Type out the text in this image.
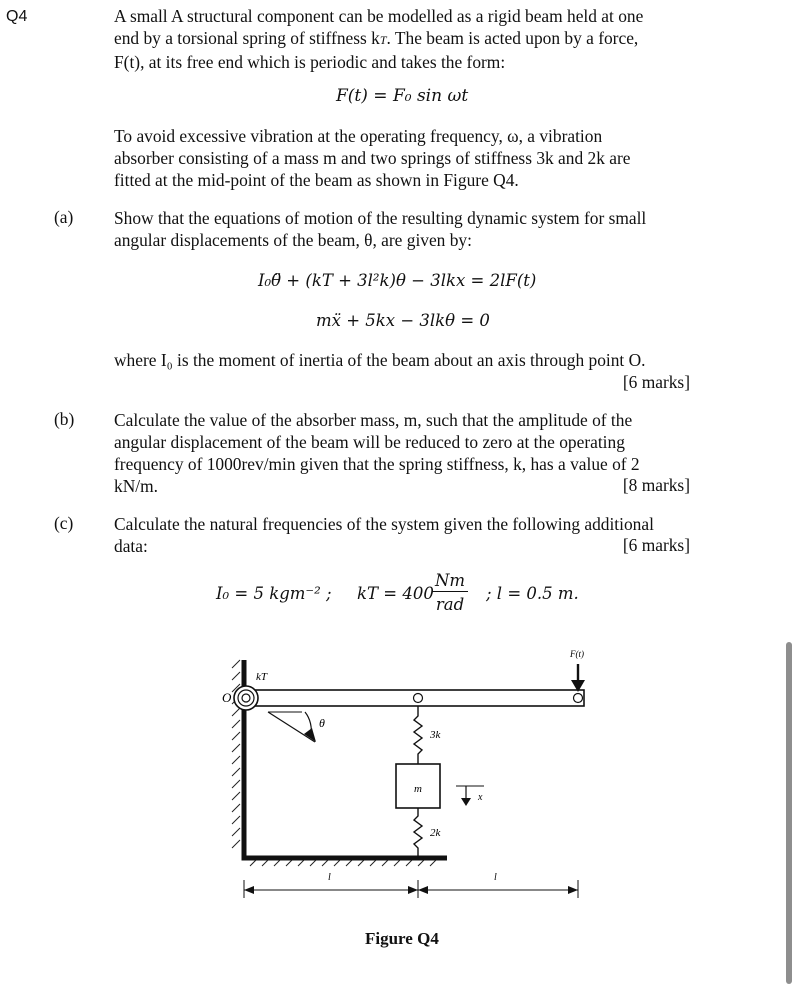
Q4	A small A structural component can be modelled as a rigid beam held at one
end by a torsional spring of stiffness kT. The beam is acted upon by a force,
F(t), at its free end which is periodic and takes the form:
F(t) = F₀ sin ωt
To avoid excessive vibration at the operating frequency, ω, a vibration
absorber consisting of a mass m and two springs of stiffness 3k and 2k are
fitted at the mid-point of the beam as shown in Figure Q4.
(a) Show that the equations of motion of the resulting dynamic system for small
angular displacements of the beam, θ, are given by:
I₀θ̈ + (kT + 3l²k)θ − 3lkx = 2lF(t)
mẍ + 5kx − 3lkθ = 0
where I₀ is the moment of inertia of the beam about an axis through point O.
[6 marks]
(b) Calculate the value of the absorber mass, m, such that the amplitude of the
angular displacement of the beam will be reduced to zero at the operating
frequency of 1000rev/min given that the spring stiffness, k, has a value of 2
kN/m.	[8 marks]
(c) Calculate the natural frequencies of the system given the following additional
data:	[6 marks]
I₀ = 5 kgm⁻² ; kT = 400
Nm
rad
; l = 0.5 m.
O
kT
θ
3k
m
2k
x
F(t)
l	l
Figure Q4
